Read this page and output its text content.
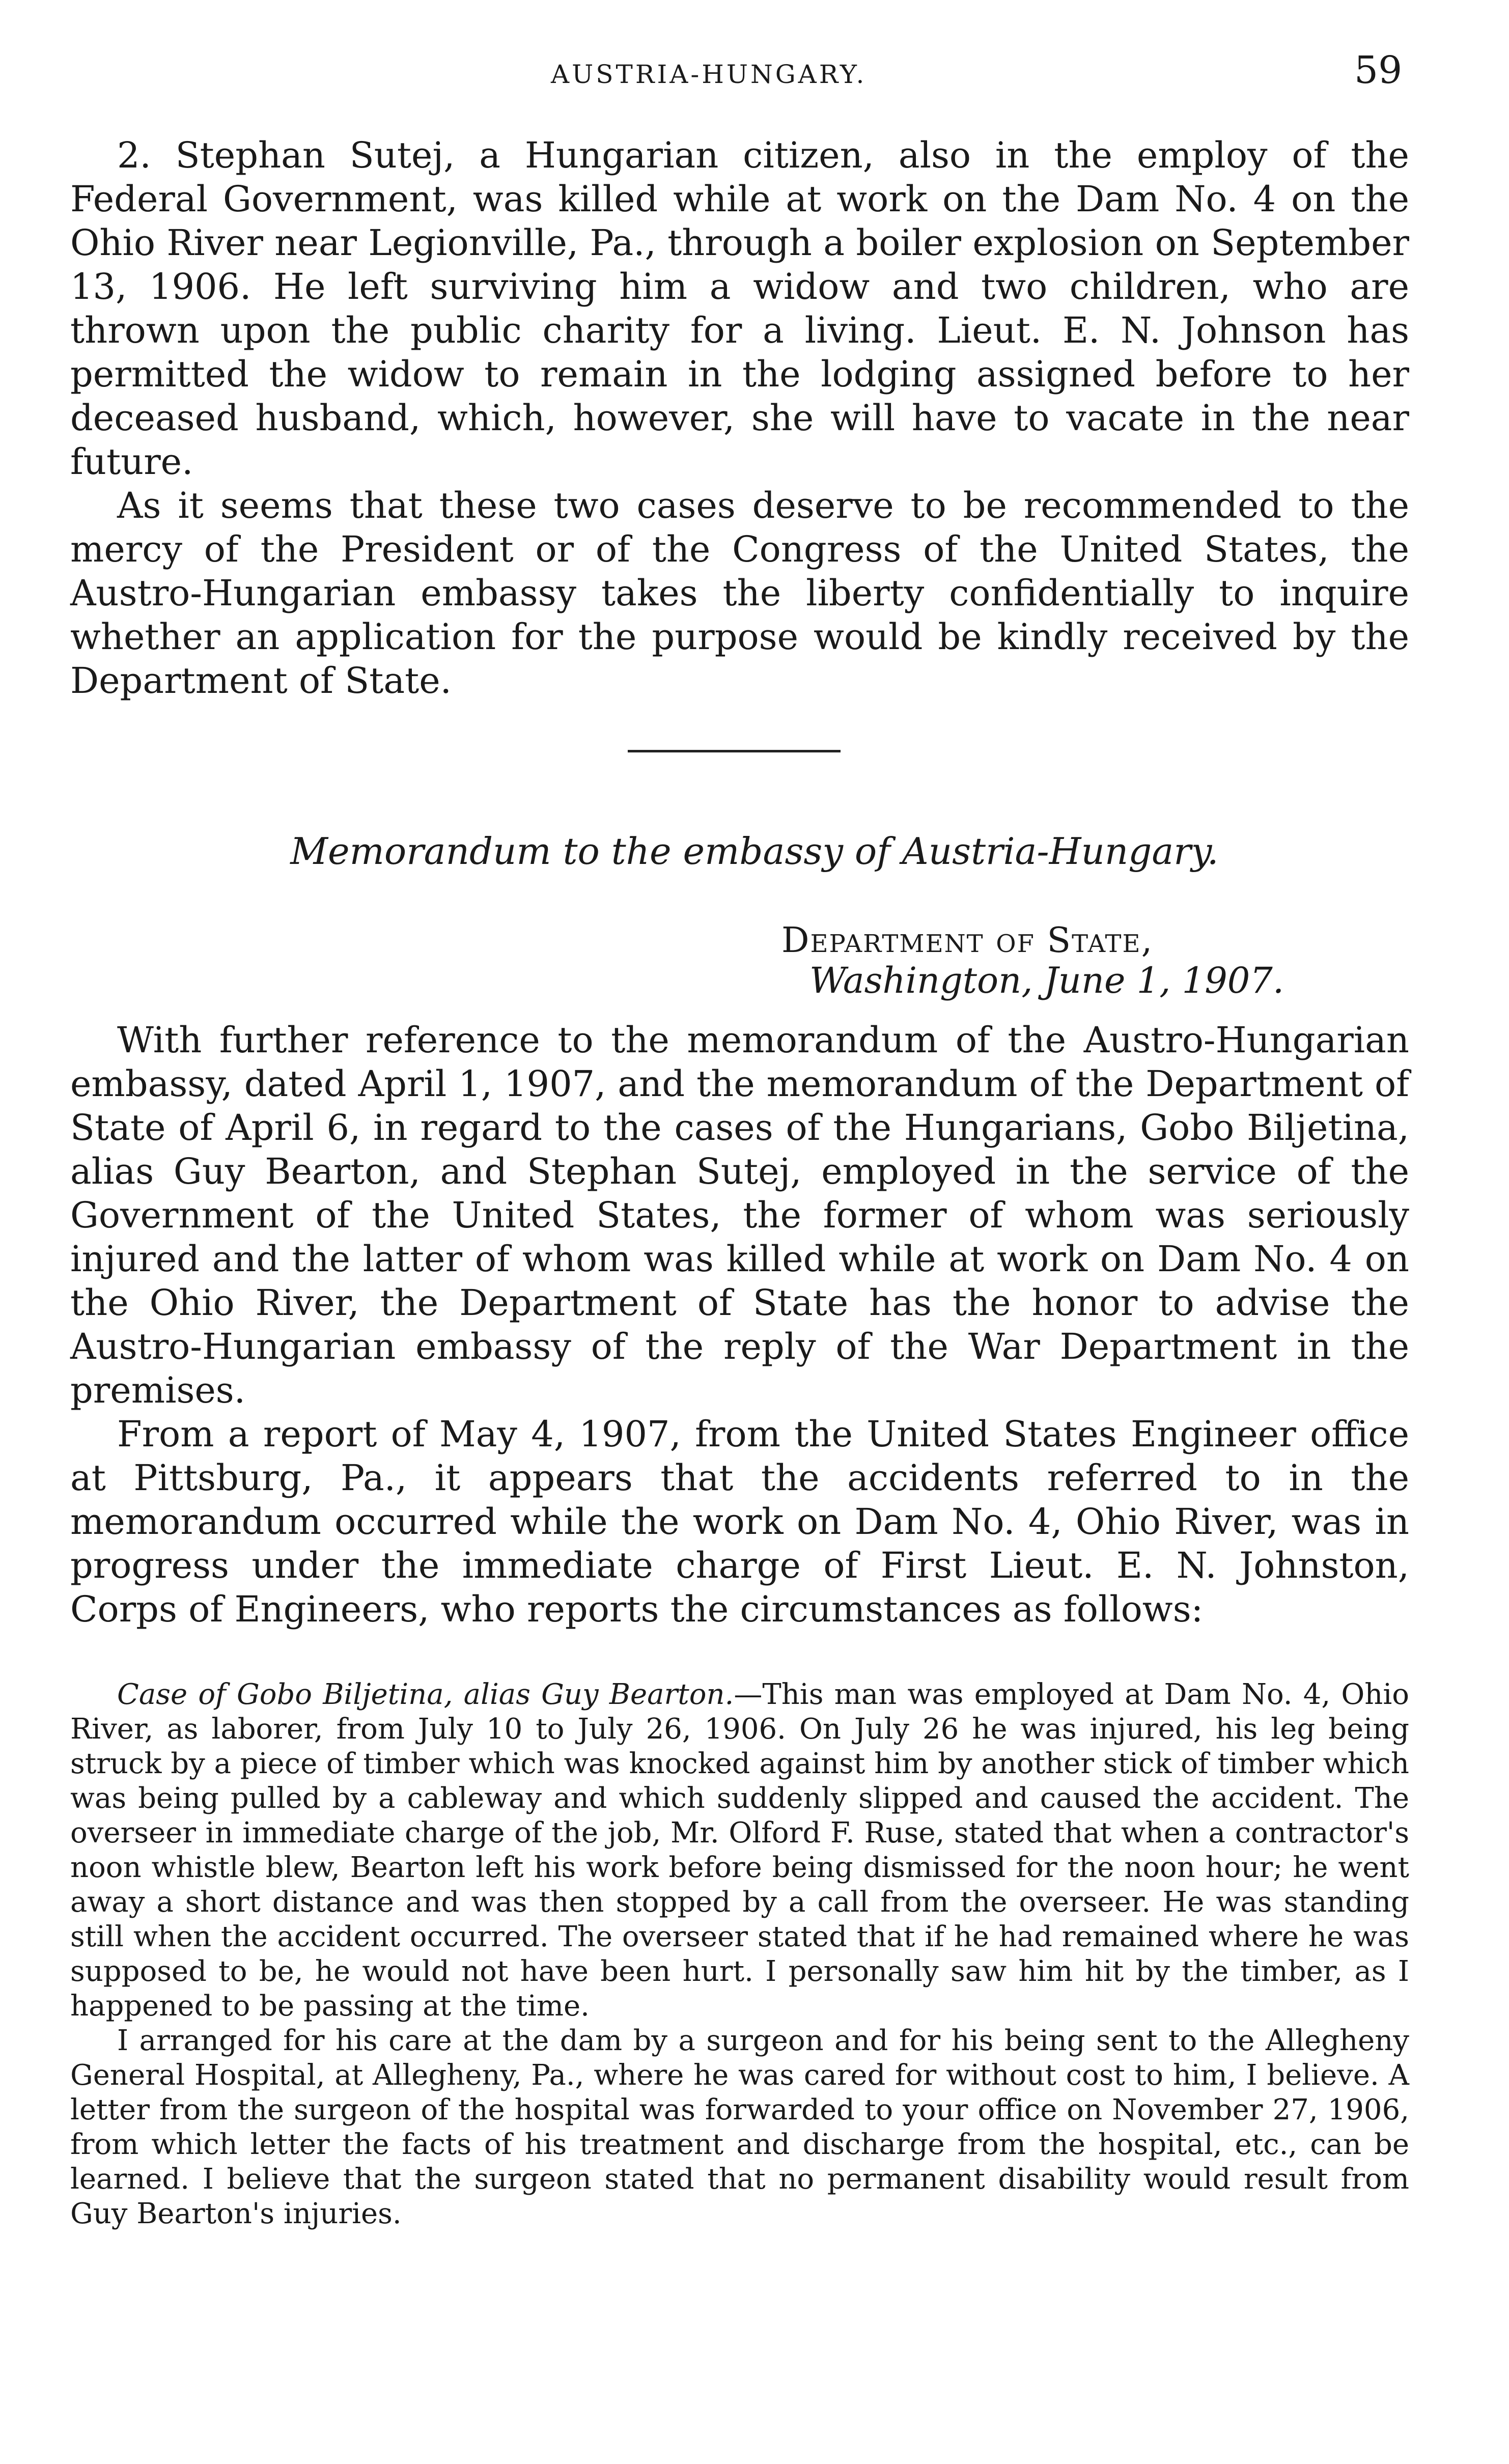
AUSTRIA-HUNGARY.	59

2. Stephan Sutej, a Hungarian citizen, also in the employ of the Federal Government, was killed while at work on the Dam No. 4 on the Ohio River near Legionville, Pa., through a boiler explosion on September 13, 1906. He left surviving him a widow and two children, who are thrown upon the public charity for a living. Lieut. E. N. Johnson has permitted the widow to remain in the lodging assigned before to her deceased husband, which, however, she will have to vacate in the near future.

As it seems that these two cases deserve to be recommended to the mercy of the President or of the Congress of the United States, the Austro-Hungarian embassy takes the liberty confidentially to inquire whether an application for the purpose would be kindly received by the Department of State.

Memorandum to the embassy of Austria-Hungary.
Department of State,
Washington, June 1, 1907.

With further reference to the memorandum of the Austro-Hungarian embassy, dated April 1, 1907, and the memorandum of the Department of State of April 6, in regard to the cases of the Hungarians, Gobo Biljetina, alias Guy Bearton, and Stephan Sutej, employed in the service of the Government of the United States, the former of whom was seriously injured and the latter of whom was killed while at work on Dam No. 4 on the Ohio River, the Department of State has the honor to advise the Austro-Hungarian embassy of the reply of the War Department in the premises.

From a report of May 4, 1907, from the United States Engineer office at Pittsburg, Pa., it appears that the accidents referred to in the memorandum occurred while the work on Dam No. 4, Ohio River, was in progress under the immediate charge of First Lieut. E. N. Johnston, Corps of Engineers, who reports the circumstances as follows:

Case of Gobo Biljetina, alias Guy Bearton.—This man was employed at Dam No. 4, Ohio River, as laborer, from July 10 to July 26, 1906. On July 26 he was injured, his leg being struck by a piece of timber which was knocked against him by another stick of timber which was being pulled by a cableway and which suddenly slipped and caused the accident. The overseer in immediate charge of the job, Mr. Olford F. Ruse, stated that when a contractor's noon whistle blew, Bearton left his work before being dismissed for the noon hour; he went away a short distance and was then stopped by a call from the overseer. He was standing still when the accident occurred. The overseer stated that if he had remained where he was supposed to be, he would not have been hurt. I personally saw him hit by the timber, as I happened to be passing at the time.

I arranged for his care at the dam by a surgeon and for his being sent to the Allegheny General Hospital, at Allegheny, Pa., where he was cared for without cost to him, I believe. A letter from the surgeon of the hospital was forwarded to your office on November 27, 1906, from which letter the facts of his treatment and discharge from the hospital, etc., can be learned. I believe that the surgeon stated that no permanent disability would result from Guy Bearton's injuries.
